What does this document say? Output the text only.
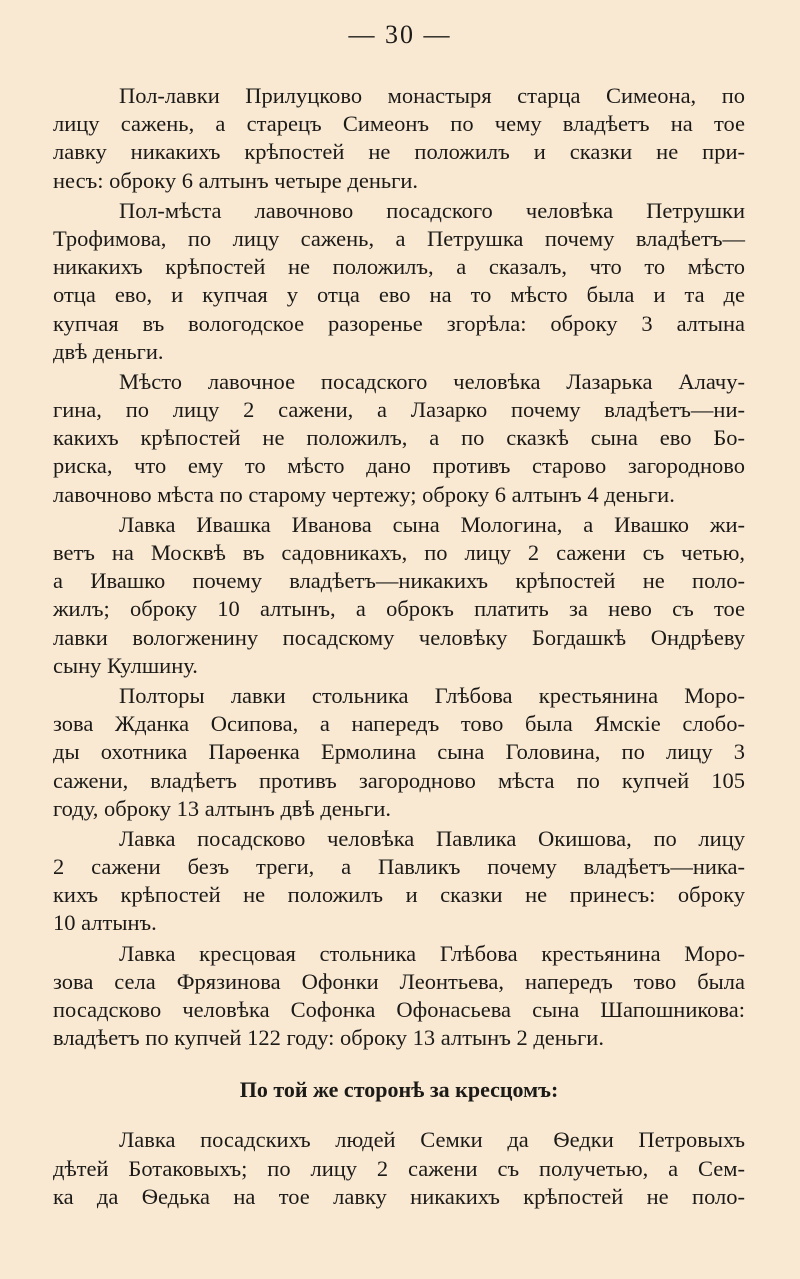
— 30 —
Пол-лавки Прилуцково монастыря старца Симеона, по
лицу сажень, а старецъ Симеонъ по чему владѣетъ на тое
лавку никакихъ крѣпостей не положилъ и сказки не при-
несъ: оброку 6 алтынъ четыре деньги.
Пол-мѣста лавочново посадского человѣка Петрушки
Трофимова, по лицу сажень, а Петрушка почему владѣетъ—
никакихъ крѣпостей не положилъ, а сказалъ, что то мѣсто
отца ево, и купчая у отца ево на то мѣсто была и та де
купчая въ вологодское разоренье згорѣла: оброку 3 алтына
двѣ деньги.
Мѣсто лавочное посадского человѣка Лазарька Алачу-
гина, по лицу 2 сажени, а Лазарко почему владѣетъ—ни-
какихъ крѣпостей не положилъ, а по сказкѣ сына ево Бо-
риска, что ему то мѣсто дано противъ старово загородново
лавочново мѣста по старому чертежу; оброку 6 алтынъ 4 деньги.
Лавка Ивашка Иванова сына Мологина, а Ивашко жи-
ветъ на Москвѣ въ садовникахъ, по лицу 2 сажени съ четью,
а Ивашко почему владѣетъ—никакихъ крѣпостей не поло-
жилъ; оброку 10 алтынъ, а оброкъ платить за нево съ тое
лавки вологженину посадскому человѣку Богдашкѣ Ондрѣеву
сыну Кулшину.
Полторы лавки стольника Глѣбова крестьянина Моро-
зова Жданка Осипова, а напередъ тово была Ямскіе слобо-
ды охотника Парѳенка Ермолина сына Головина, по лицу 3
сажени, владѣетъ противъ загородново мѣста по купчей 105
году, оброку 13 алтынъ двѣ деньги.
Лавка посадсково человѣка Павлика Окишова, по лицу
2 сажени безъ треги, а Павликъ почему владѣетъ—ника-
кихъ крѣпостей не положилъ и сказки не принесъ: оброку
10 алтынъ.
Лавка кресцовая стольника Глѣбова крестьянина Моро-
зова села Фрязинова Офонки Леонтьева, напередъ тово была
посадсково человѣка Софонка Офонасьева сына Шапошникова:
владѣетъ по купчей 122 году: оброку 13 алтынъ 2 деньги.
По той же сторонѣ за кресцомъ:
Лавка посадскихъ людей Семки да Ѳедки Петровыхъ
дѣтей Ботаковыхъ; по лицу 2 сажени съ получетью, а Сем-
ка да Ѳедька на тое лавку никакихъ крѣпостей не поло-
